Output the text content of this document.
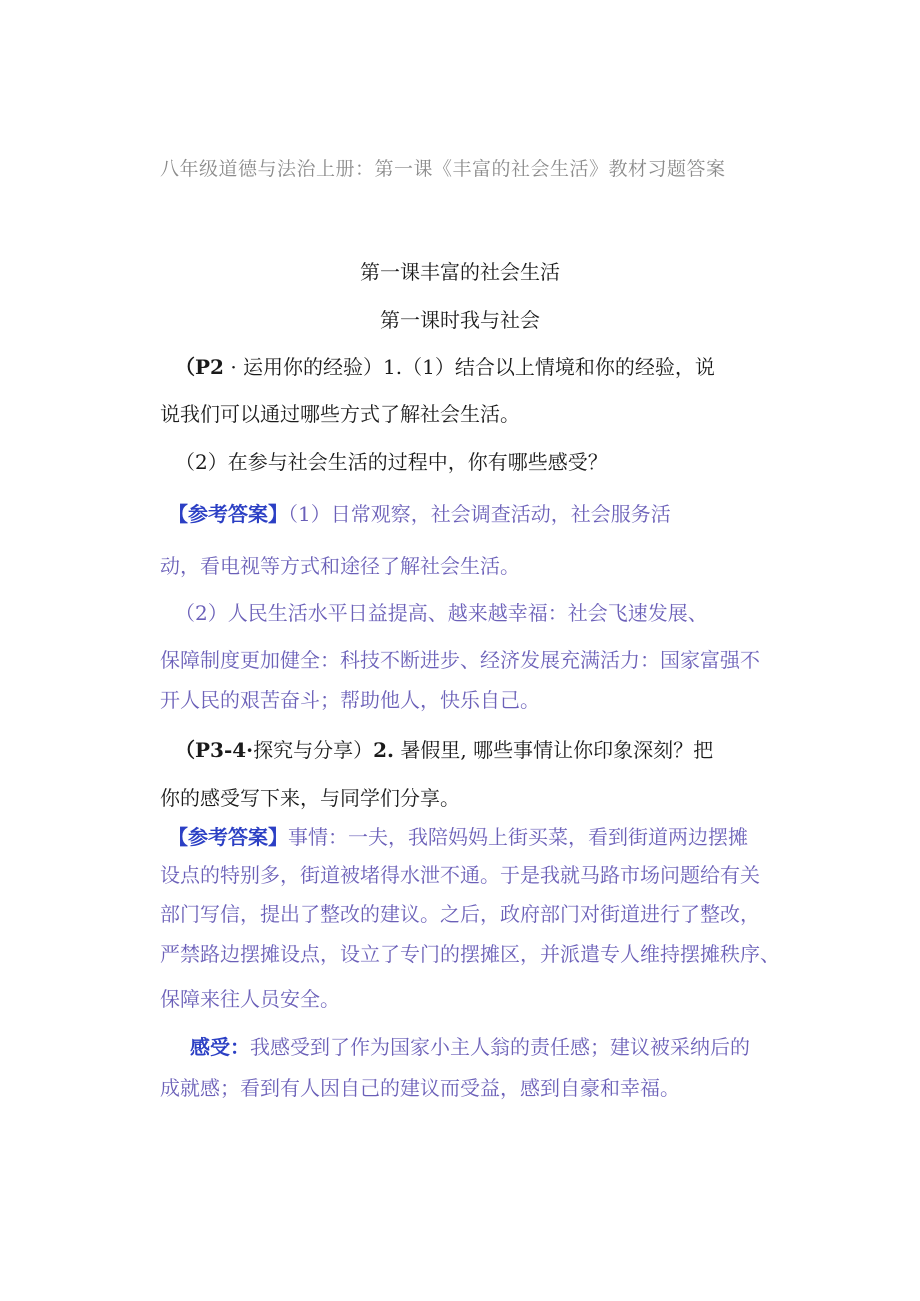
八年级道德与法治上册：第一课《丰富的社会生活》教材习题答案
第一课丰富的社会生活
第一课时我与社会
（P2 · 运用你的经验）1.（1）结合以上情境和你的经验，说
说我们可以通过哪些方式了解社会生活。
（2）在参与社会生活的过程中，你有哪些感受？
【参考答案】（1）日常观察，社会调查活动，社会服务活
动，看电视等方式和途径了解社会生活。
（2）人民生活水平日益提高、越来越幸福：社会飞速发展、
保障制度更加健全：科技不断进步、经济发展充满活力：国家富强不
开人民的艰苦奋斗；帮助他人，快乐自己。
（P3-4·探究与分享）2. 暑假里, 哪些事情让你印象深刻？把
你的感受写下来，与同学们分享。
【参考答案】事情：一夫，我陪妈妈上街买菜，看到街道两边摆摊
设点的特别多，街道被堵得水泄不通。于是我就马路市场问题给有关
部门写信，提出了整改的建议。之后，政府部门对街道进行了整改，
严禁路边摆摊设点，设立了专门的摆摊区，并派遣专人维持摆摊秩序、
保障来往人员安全。
感受：我感受到了作为国家小主人翁的责任感；建议被采纳后的
成就感；看到有人因自己的建议而受益，感到自豪和幸福。
